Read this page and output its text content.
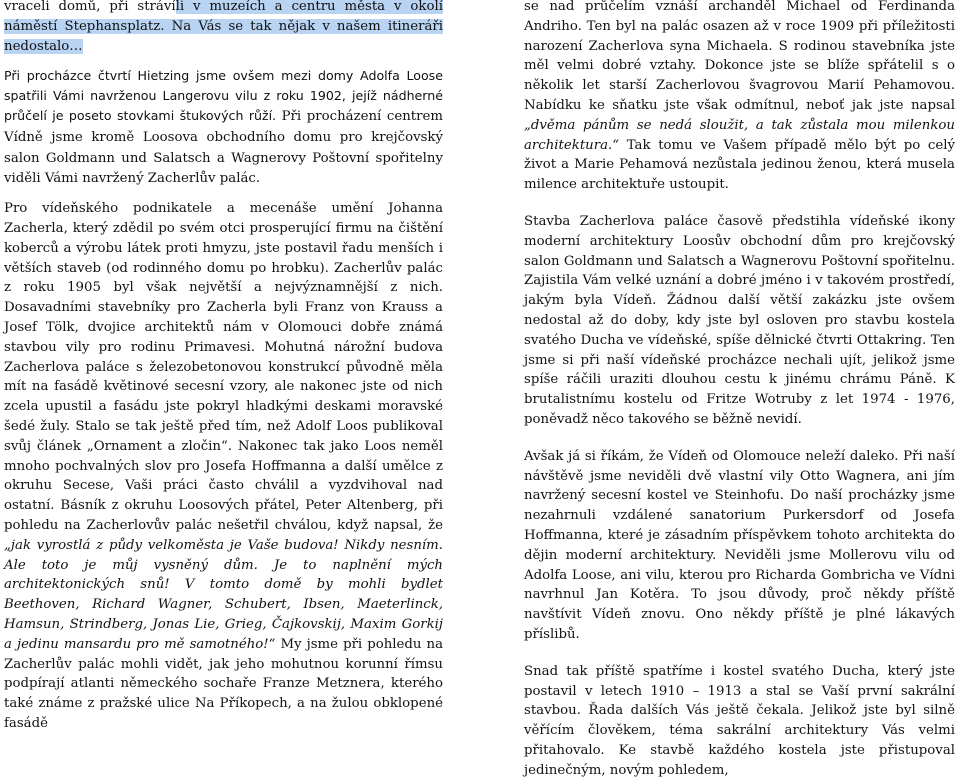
vraceli domů, při strávíli v muzeích a centru města v okolí náměstí Stephansplatz. Na Vás se tak nějak v našem itineráři nedostalo…

Při procházce čtvrtí Hietzing jsme ovšem mezi domy Adolfa Loose spatřili Vámi navrženou Langerovu vilu z roku 1902, jejíž nádherné průčelí je poseto stovkami štukových růží. Při procházení centrem Vídně jsme kromě Loosova obchodního domu pro krejčovský salon Goldmann und Salatsch a Wagnerovy Poštovní spořitelny viděli Vámi navržený Zacherlův palác.

Pro vídeňského podnikatele a mecenáše umění Johanna Zacherla, který zdědil po svém otci prosperující firmu na čištění koberců a výrobu látek proti hmyzu, jste postavil řadu menších i větších staveb (od rodinného domu po hrobku). Zacherlův palác z roku 1905 byl však největší a nejvýznamnější z nich. Dosavadními stavebníky pro Zacherla byli Franz von Krauss a Josef Tölk, dvojice architektů nám v Olomouci dobře známá stavbou vily pro rodinu Primavesi. Mohutná nárožní budova Zacherlova paláce s železobetonovou konstrukcí původně měla mít na fasádě květinové secesní vzory, ale nakonec jste od nich zcela upustil a fasádu jste pokryl hladkými deskami moravské šedé žuly. Stalo se tak ještě před tím, než Adolf Loos publikoval svůj článek „Ornament a zločin“. Nakonec tak jako Loos neměl mnoho pochvalných slov pro Josefa Hoffmanna a další umělce z okruhu Secese, Vaši práci často chválil a vyzdvihoval nad ostatní. Básník z okruhu Loosových přátel, Peter Altenberg, při pohledu na Zacherlovův palác nešetřil chválou, když napsal, že „jak vyrostlá z půdy velkoměsta je Vaše budova! Nikdy nesním. Ale toto je můj vysněný dům. Je to naplnění mých architektonických snů! V tomto domě by mohli bydlet Beethoven, Richard Wagner, Schubert, Ibsen, Maeterlinck, Hamsun, Strindberg, Jonas Lie, Grieg, Čajkovskij, Maxim Gorkij a jedinu mansardu pro mě samotného!“ My jsme při pohledu na Zacherlův palác mohli vidět, jak jeho mohutnou korunní římsu podpírají atlanti německého sochaře Franze Metznera, kterého také známe z pražské ulice Na Příkopech, a na žulou obklopené fasádě

se nad průčelím vznáší archanděl Michael od Ferdinanda Andriho. Ten byl na palác osazen až v roce 1909 při příležitosti narození Zacherlova syna Michaela. S rodinou stavebníka jste měl velmi dobré vztahy. Dokonce jste se blíže spřátelil s o několik let starší Zacherlovou švagrovou Marií Pehamovou. Nabídku ke sňatku jste však odmítnul, neboť jak jste napsal „dvěma pánům se nedá sloužit, a tak zůstala mou milenkou architektura.“ Tak tomu ve Vašem případě mělo být po celý život a Marie Pehamová nezůstala jedinou ženou, která musela milence architektuře ustoupit.

Stavba Zacherlova paláce časově předstihla vídeňské ikony moderní architektury Loosův obchodní dům pro krejčovský salon Goldmann und Salatsch a Wagnerovu Poštovní spořitelnu. Zajistila Vám velké uznání a dobré jméno i v takovém prostředí, jakým byla Vídeň. Žádnou další větší zakázku jste ovšem nedostal až do doby, kdy jste byl osloven pro stavbu kostela svatého Ducha ve vídeňské, spíše dělnické čtvrti Ottakring. Ten jsme si při naší vídeňské procházce nechali ujít, jelikož jsme spíše ráčili uraziti dlouhou cestu k jinému chrámu Páně. K brutalistnímu kostelu od Fritze Wotruby z let 1974 - 1976, poněvadž něco takového se běžně nevidí.

Avšak já si říkám, že Vídeň od Olomouce neleží daleko. Při naší návštěvě jsme neviděli dvě vlastní vily Otto Wagnera, ani jím navržený secesní kostel ve Steinhofu. Do naší procházky jsme nezahrnuli vzdálené sanatorium Purkersdorf od Josefa Hoffmanna, které je zásadním příspěvkem tohoto architekta do dějin moderní architektury. Neviděli jsme Mollerovu vilu od Adolfa Loose, ani vilu, kterou pro Richarda Gombricha ve Vídni navrhnul Jan Kotěra. To jsou důvody, proč někdy příště navštívit Vídeň znovu. Ono někdy příště je plné lákavých příslibů.

Snad tak příště spatříme i kostel svatého Ducha, který jste postavil v letech 1910 – 1913 a stal se Vaší první sakrální stavbou. Řada dalších Vás ještě čekala. Jelikož jste byl silně věřícím člověkem, téma sakrální architektury Vás velmi přitahovalo. Ke stavbě každého kostela jste přistupoval jedinečným, novým pohledem,
